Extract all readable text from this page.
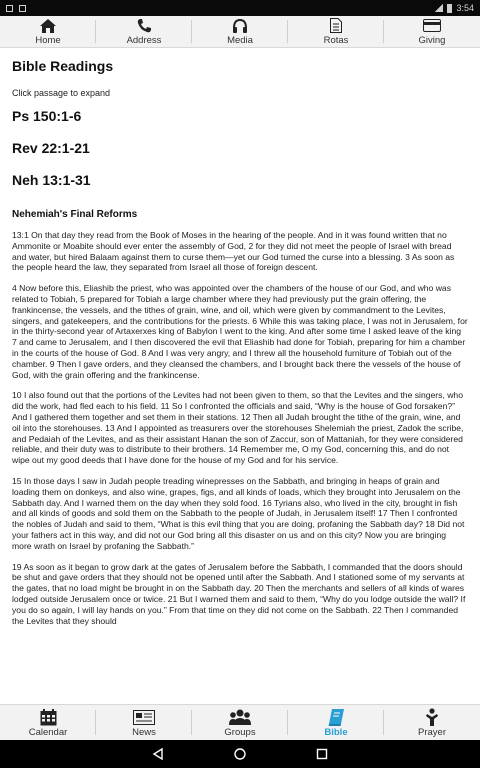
3:54
Home	Address	Media	Rotas	Giving
Bible Readings
Click passage to expand
Ps 150:1-6
Rev 22:1-21
Neh 13:1-31
Nehemiah's Final Reforms

13:1 On that day they read from the Book of Moses in the hearing of the people. And in it was found written that no Ammonite or Moabite should ever enter the assembly of God, 2 for they did not meet the people of Israel with bread and water, but hired Balaam against them to curse them—yet our God turned the curse into a blessing. 3 As soon as the people heard the law, they separated from Israel all those of foreign descent.

4 Now before this, Eliashib the priest, who was appointed over the chambers of the house of our God, and who was related to Tobiah, 5 prepared for Tobiah a large chamber where they had previously put the grain offering, the frankincense, the vessels, and the tithes of grain, wine, and oil, which were given by commandment to the Levites, singers, and gatekeepers, and the contributions for the priests. 6 While this was taking place, I was not in Jerusalem, for in the thirty-second year of Artaxerxes king of Babylon I went to the king. And after some time I asked leave of the king 7 and came to Jerusalem, and I then discovered the evil that Eliashib had done for Tobiah, preparing for him a chamber in the courts of the house of God. 8 And I was very angry, and I threw all the household furniture of Tobiah out of the chamber. 9 Then I gave orders, and they cleansed the chambers, and I brought back there the vessels of the house of God, with the grain offering and the frankincense.

10 I also found out that the portions of the Levites had not been given to them, so that the Levites and the singers, who did the work, had fled each to his field. 11 So I confronted the officials and said, “Why is the house of God forsaken?” And I gathered them together and set them in their stations. 12 Then all Judah brought the tithe of the grain, wine, and oil into the storehouses. 13 And I appointed as treasurers over the storehouses Shelemiah the priest, Zadok the scribe, and Pedaiah of the Levites, and as their assistant Hanan the son of Zaccur, son of Mattaniah, for they were considered reliable, and their duty was to distribute to their brothers. 14 Remember me, O my God, concerning this, and do not wipe out my good deeds that I have done for the house of my God and for his service.

15 In those days I saw in Judah people treading winepresses on the Sabbath, and bringing in heaps of grain and loading them on donkeys, and also wine, grapes, figs, and all kinds of loads, which they brought into Jerusalem on the Sabbath day. And I warned them on the day when they sold food. 16 Tyrians also, who lived in the city, brought in fish and all kinds of goods and sold them on the Sabbath to the people of Judah, in Jerusalem itself! 17 Then I confronted the nobles of Judah and said to them, “What is this evil thing that you are doing, profaning the Sabbath day? 18 Did not your fathers act in this way, and did not our God bring all this disaster on us and on this city? Now you are bringing more wrath on Israel by profaning the Sabbath.”

19 As soon as it began to grow dark at the gates of Jerusalem before the Sabbath, I commanded that the doors should be shut and gave orders that they should not be opened until after the Sabbath. And I stationed some of my servants at the gates, that no load might be brought in on the Sabbath day. 20 Then the merchants and sellers of all kinds of wares lodged outside Jerusalem once or twice. 21 But I warned them and said to them, “Why do you lodge outside the wall? If you do so again, I will lay hands on you.” From that time on they did not come on the Sabbath. 22 Then I commanded the Levites that they should

Calendar	News	Groups	Bible	Prayer
